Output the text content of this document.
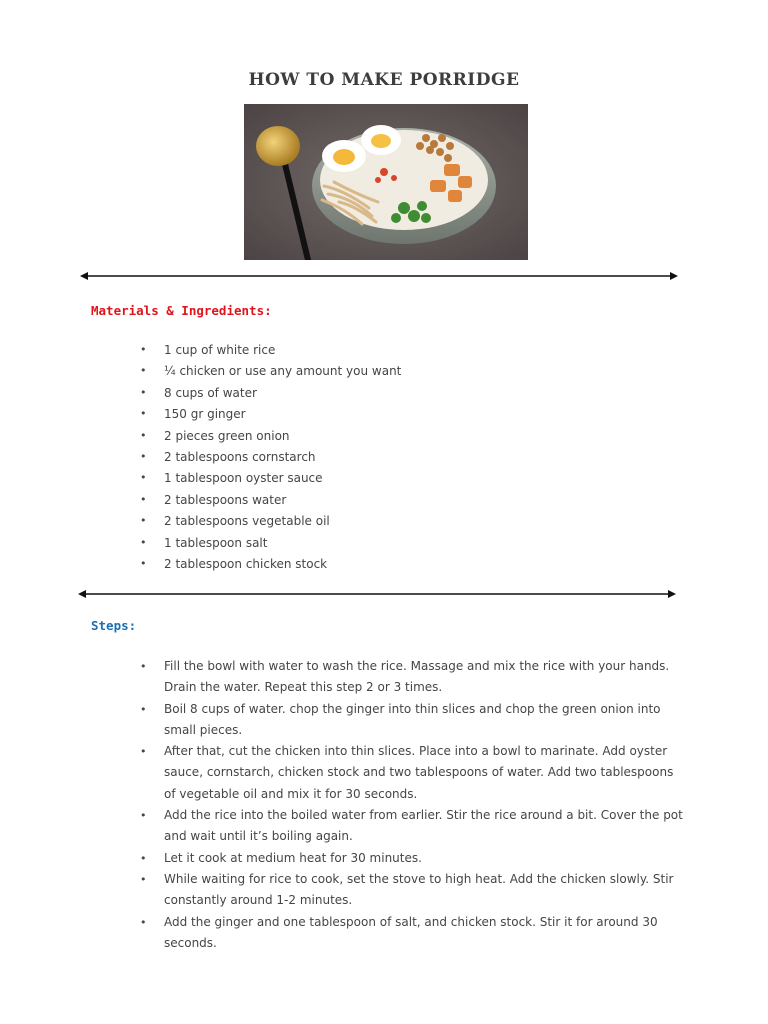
HOW TO MAKE PORRIDGE
Materials & Ingredients:
• 1 cup of white rice
• ¼ chicken or use any amount you want
• 8 cups of water
• 150 gr ginger
• 2 pieces green onion
• 2 tablespoons cornstarch
• 1 tablespoon oyster sauce
• 2 tablespoons water
• 2 tablespoons vegetable oil
• 1 tablespoon salt
• 2 tablespoon chicken stock
Steps:
• Fill the bowl with water to wash the rice. Massage and mix the rice with your hands. Drain the water. Repeat this step 2 or 3 times.
• Boil 8 cups of water. chop the ginger into thin slices and chop the green onion into small pieces.
• After that, cut the chicken into thin slices. Place into a bowl to marinate. Add oyster sauce, cornstarch, chicken stock and two tablespoons of water. Add two tablespoons of vegetable oil and mix it for 30 seconds.
• Add the rice into the boiled water from earlier. Stir the rice around a bit. Cover the pot and wait until it’s boiling again.
• Let it cook at medium heat for 30 minutes.
• While waiting for rice to cook, set the stove to high heat. Add the chicken slowly. Stir constantly around 1-2 minutes.
• Add the ginger and one tablespoon of salt, and chicken stock. Stir it for around 30 seconds.
